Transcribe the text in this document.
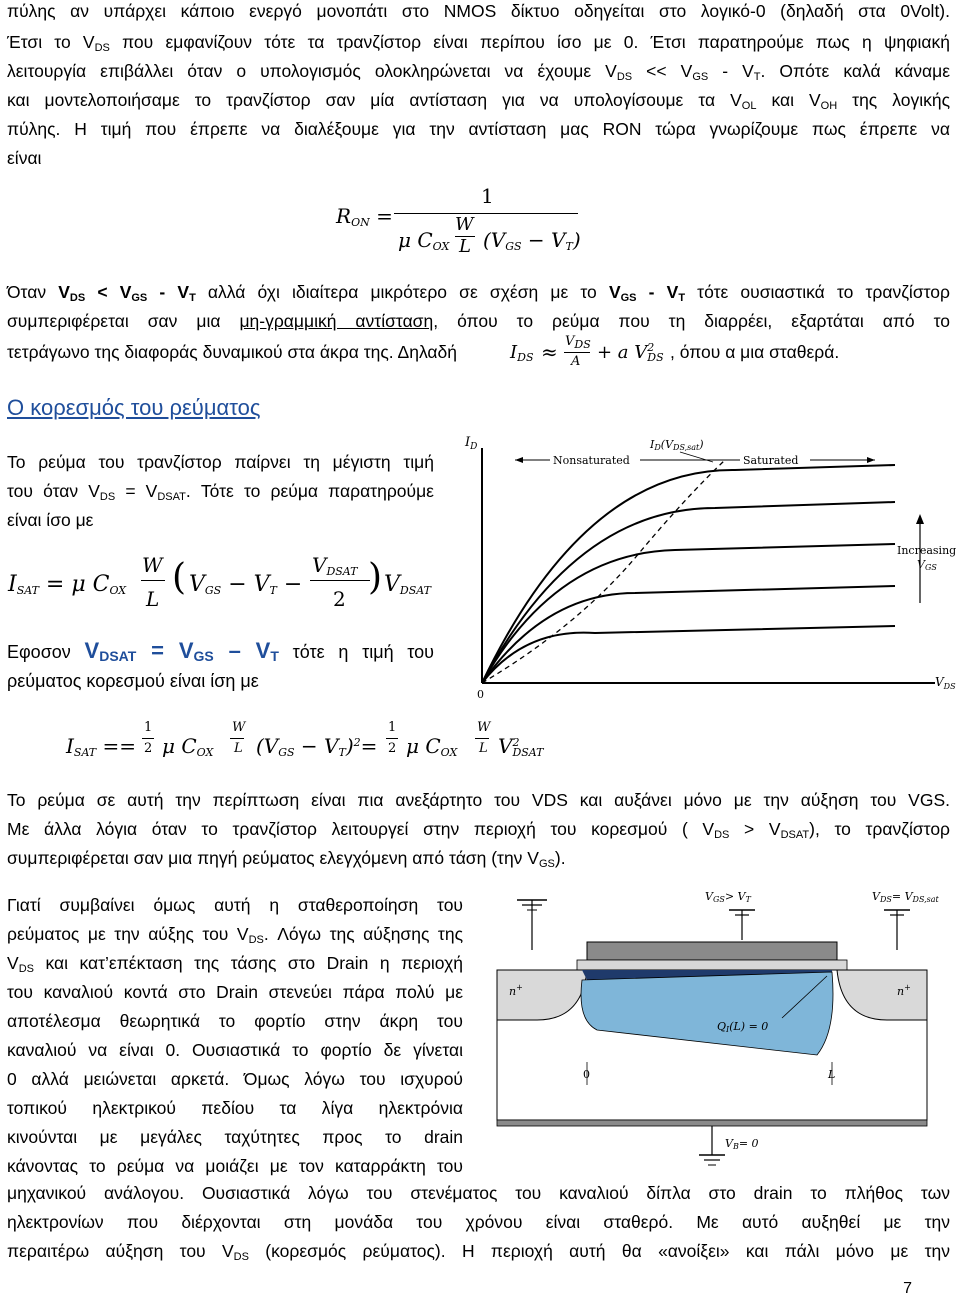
πύλης αν υπάρχει κάποιο ενεργό μονοπάτι στο NMOS δίκτυο οδηγείται στο λογικό-0 (δηλαδή στα 0Volt).
Έτσι το $V_{DS}$ που εμφανίζουν τότε τα τρανζίστορ είναι περίπου ίσο με 0. Έτσι παρατηρούμε πως η ψηφιακή
λειτουργία επιβάλλει όταν ο υπολογισμός ολοκληρώνεται να έχουμε $V_{DS} << V_{GS} - V_T$. Οπότε καλά κάναμε
και μοντελοποιήσαμε το τρανζίστορ σαν μία αντίσταση για να υπολογίσουμε τα $V_{OL}$ και $V_{OH}$ της λογικής
πύλης. Η τιμή που έπρεπε να διαλέξουμε για την αντίσταση μας RON τώρα γνωρίζουμε πως έπρεπε να
είναι
$R_{ON}$ =
1
μ $C_{OX}$
W
L $(V_{GS} - V_T)$
Όταν $V_{DS} < V_{GS} - V_T$ αλλά όχι ιδιαίτερα μικρότερο σε σχέση με το $V_{GS} - V_T$ τότε ουσιαστικά το τρανζίστορ
συμπεριφέρεται σαν μια μη-γραμμική αντίσταση, όπου το ρεύμα που τη διαρρέει, εξαρτάται από το
τετράγωνο της διαφοράς δυναμικού στα άκρα της. Δηλαδή	$I_{DS} \approx V_{DS}$
A + a $V^2_{DS}$ , όπου α μια σταθερά.
Ο κορεσμός του ρεύματος
Το ρεύμα του τρανζίστορ παίρνει τη μέγιστη τιμή
του όταν $V_{DS} = V_{DSAT}$. Τότε το ρεύμα παρατηρούμε
είναι ίσο με
$I_{SAT} = \mu$ $C_{OX}$
W
L
( $V_{GS} - V_T$ −
$V_{DSAT}$
2
) $V_{DSAT}$
Εφοσον $V_{DSAT} = V_{GS} - V_T$ τότε η τιμή του
ρεύματος κορεσμού είναι ίση με
$I_{SAT}$ ==
1
2 μ $C_{OX}$
W
L $(V_{GS} - V_T)^2=$
1
2 μ $C_{OX}$
W
L $V^2_{DSAT}$
Το ρεύμα σε αυτή την περίπτωση είναι πια ανεξάρτητο του VDS και αυξάνει μόνο με την αύξηση του VGS.
Με άλλα λόγια όταν το τρανζίστορ λειτουργεί στην περιοχή του κορεσμού ( $V_{DS} > V_{DSAT}$), το τρανζίστορ
συμπεριφέρεται σαν μια πηγή ρεύματος ελεγχόμενη από τάση (την $V_{GS}$).
Γιατί συμβαίνει όμως αυτή η σταθεροποίηση του
ρεύματος με την αύξης του $V_{DS}$. Λόγω της αύξησης της
$V_{DS}$ και κατ’επέκταση της τάσης στο Drain η περιοχή
του καναλιού κοντά στο Drain στενεύει πάρα πολύ με
αποτέλεσμα θεωρητικά το φορτίο στην άκρη του
καναλιού να είναι 0. Ουσιαστικά το φορτίο δε γίνεται
0 αλλά μειώνεται αρκετά. Όμως λόγω του ισχυρού
τοπικού ηλεκτρικού πεδίου τα λίγα ηλεκτρόνια
κινούνται με μεγάλες ταχύτητες προς το drain
κάνοντας το ρεύμα να μοιάζει με τον καταρράκτη του
μηχανικού ανάλογου. Ουσιαστικά λόγω του στενέματος του καναλιού δίπλα στο drain το πλήθος των
ηλεκτρονίων που διέρχονται στη μονάδα του χρόνου είναι σταθερό. Με αυτό αυξηθεί με την
περαιτέρω αύξηση του $V_{DS}$ (κορεσμός ρεύματος). Η περιοχή αυτή θα «ανοίξει» και πάλι μόνο με την
$I_D$
$V_{DS}$
0
ID(VDS,sat)
Nonsaturated	Saturated
Increasing
VGS
VGS> VT	VDS= VDS,sat
n+	n+
QI(L) = 0
0	L
VB= 0
7
